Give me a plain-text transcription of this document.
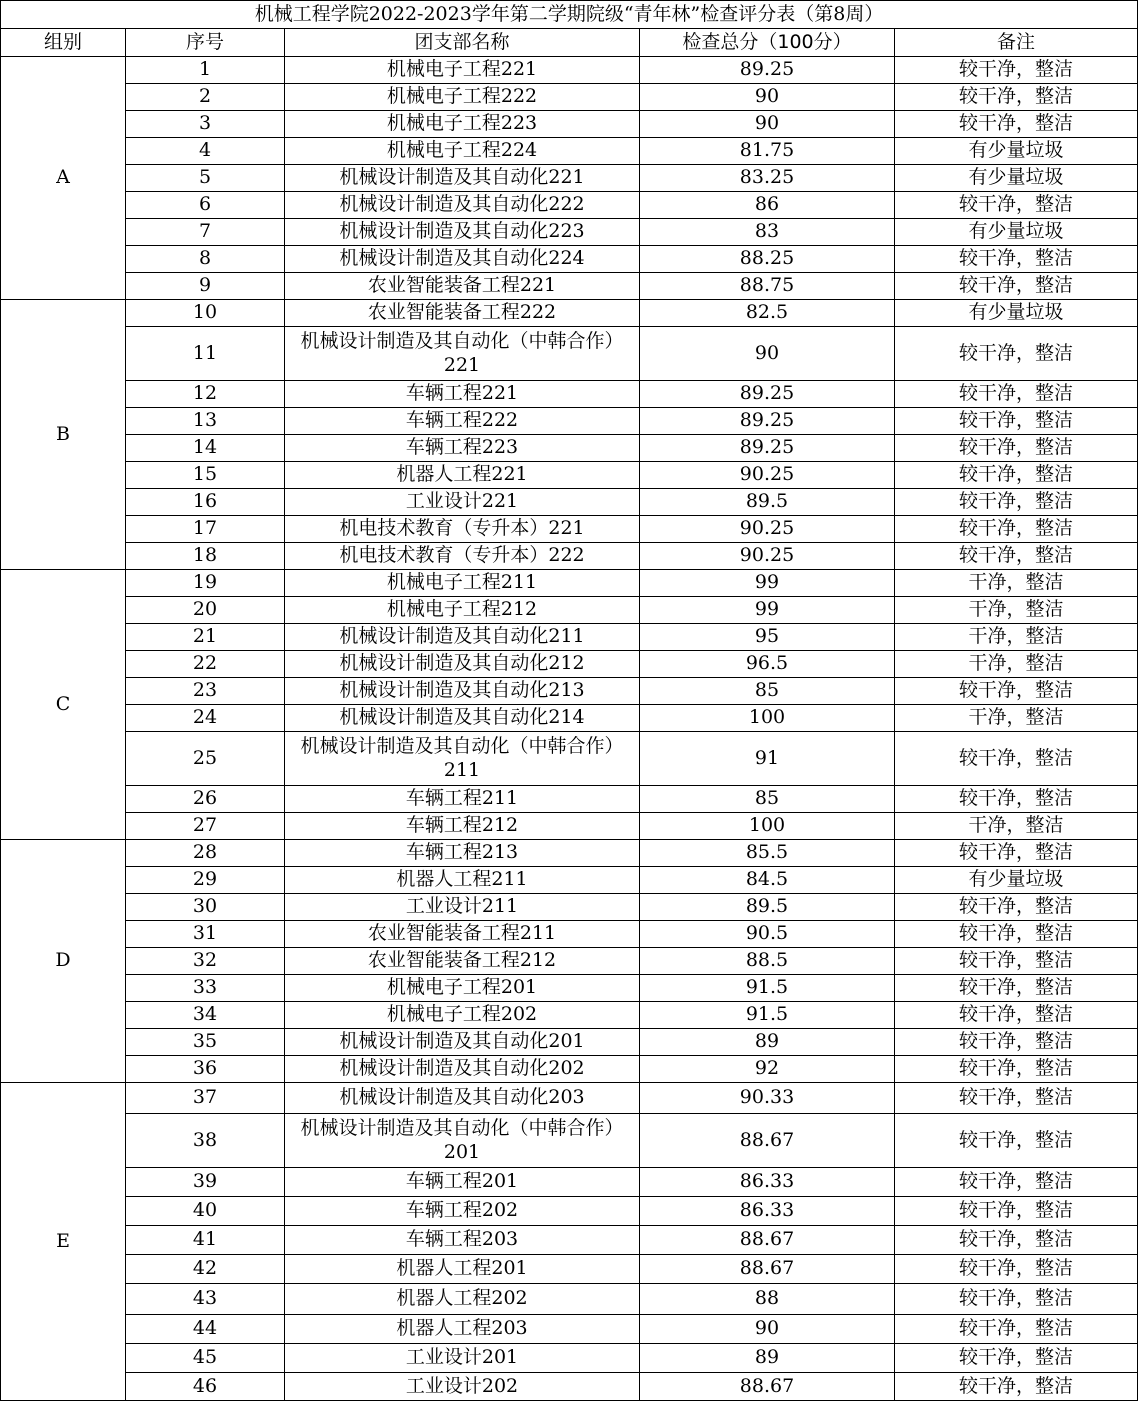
机械工程学院2022-2023学年第二学期院级“青年林”检查评分表（第8周）				
组别	序号	团支部名称	检查总分（100分）	备注
A	1	机械电子工程221	89.25	较干净，整洁
	2	机械电子工程222	90	较干净，整洁
	3	机械电子工程223	90	较干净，整洁
	4	机械电子工程224	81.75	有少量垃圾
	5	机械设计制造及其自动化221	83.25	有少量垃圾
	6	机械设计制造及其自动化222	86	较干净，整洁
	7	机械设计制造及其自动化223	83	有少量垃圾
	8	机械设计制造及其自动化224	88.25	较干净，整洁
	9	农业智能装备工程221	88.75	较干净，整洁
B	10	农业智能装备工程222	82.5	有少量垃圾
	11	机械设计制造及其自动化（中韩合作）221	90	较干净，整洁
	12	车辆工程221	89.25	较干净，整洁
	13	车辆工程222	89.25	较干净，整洁
	14	车辆工程223	89.25	较干净，整洁
	15	机器人工程221	90.25	较干净，整洁
	16	工业设计221	89.5	较干净，整洁
	17	机电技术教育（专升本）221	90.25	较干净，整洁
	18	机电技术教育（专升本）222	90.25	较干净，整洁
C	19	机械电子工程211	99	干净，整洁
	20	机械电子工程212	99	干净，整洁
	21	机械设计制造及其自动化211	95	干净，整洁
	22	机械设计制造及其自动化212	96.5	干净，整洁
	23	机械设计制造及其自动化213	85	较干净，整洁
	24	机械设计制造及其自动化214	100	干净，整洁
	25	机械设计制造及其自动化（中韩合作）211	91	较干净，整洁
	26	车辆工程211	85	较干净，整洁
	27	车辆工程212	100	干净，整洁
D	28	车辆工程213	85.5	较干净，整洁
	29	机器人工程211	84.5	有少量垃圾
	30	工业设计211	89.5	较干净，整洁
	31	农业智能装备工程211	90.5	较干净，整洁
	32	农业智能装备工程212	88.5	较干净，整洁
	33	机械电子工程201	91.5	较干净，整洁
	34	机械电子工程202	91.5	较干净，整洁
	35	机械设计制造及其自动化201	89	较干净，整洁
	36	机械设计制造及其自动化202	92	较干净，整洁
E	37	机械设计制造及其自动化203	90.33	较干净，整洁
	38	机械设计制造及其自动化（中韩合作）201	88.67	较干净，整洁
	39	车辆工程201	86.33	较干净，整洁
	40	车辆工程202	86.33	较干净，整洁
	41	车辆工程203	88.67	较干净，整洁
	42	机器人工程201	88.67	较干净，整洁
	43	机器人工程202	88	较干净，整洁
	44	机器人工程203	90	较干净，整洁
	45	工业设计201	89	较干净，整洁
	46	工业设计202	88.67	较干净，整洁
